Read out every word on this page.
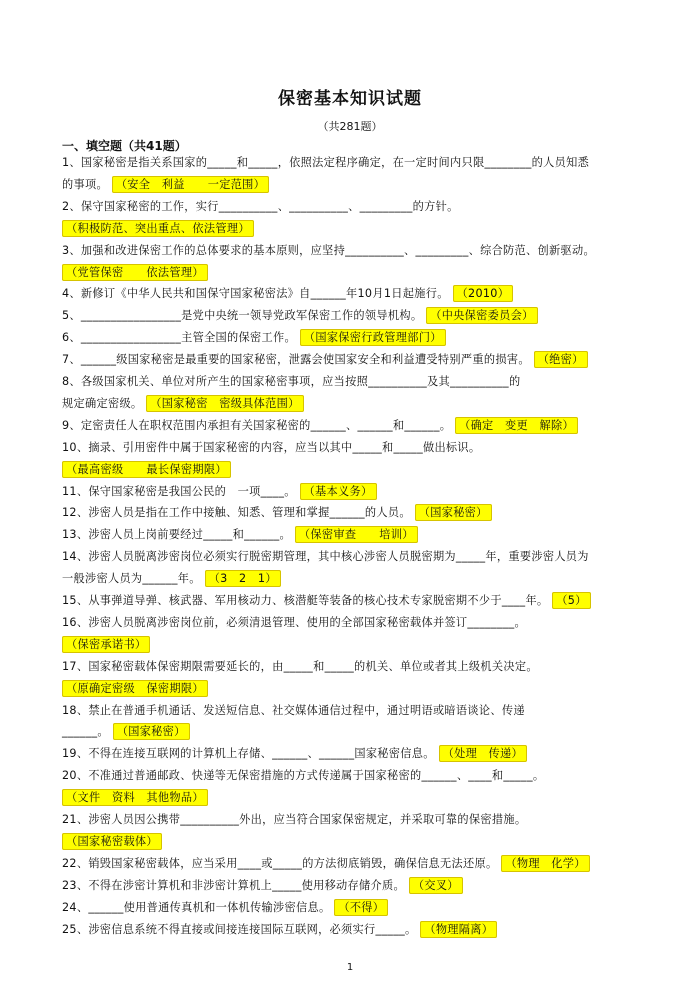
保密基本知识试题
（共281题）
一、填空题（共41题）
1、国家秘密是指关系国家的_____和_____，依照法定程序确定，在一定时间内只限________的人员知悉
的事项。 （安全　利益　　一定范围）
2、保守国家秘密的工作，实行__________、__________、_________的方针。
（积极防范、突出重点、依法管理）
3、加强和改进保密工作的总体要求的基本原则，应坚持__________、_________、综合防范、创新驱动。
（党管保密　　依法管理）
4、新修订《中华人民共和国保守国家秘密法》自______年10月1日起施行。 （2010）
5、_________________是党中央统一领导党政军保密工作的领导机构。 （中央保密委员会）
6、_________________主管全国的保密工作。 （国家保密行政管理部门）
7、______级国家秘密是最重要的国家秘密，泄露会使国家安全和利益遭受特别严重的损害。 （绝密）
8、各级国家机关、单位对所产生的国家秘密事项，应当按照__________及其__________的
规定确定密级。 （国家秘密　密级具体范围）
9、定密责任人在职权范围内承担有关国家秘密的______、______和______。 （确定　变更　解除）
10、摘录、引用密件中属于国家秘密的内容，应当以其中_____和_____做出标识。
（最高密级　　最长保密期限）
11、保守国家秘密是我国公民的　一项____。 （基本义务）
12、涉密人员是指在工作中接触、知悉、管理和掌握______的人员。 （国家秘密）
13、涉密人员上岗前要经过_____和______。 （保密审查　　培训）
14、涉密人员脱离涉密岗位必须实行脱密期管理，其中核心涉密人员脱密期为_____年，重要涉密人员为
一般涉密人员为______年。 （3　2　1）
15、从事弹道导弹、核武器、军用核动力、核潜艇等装备的核心技术专家脱密期不少于____年。 （5）
16、涉密人员脱离涉密岗位前，必须清退管理、使用的全部国家秘密载体并签订________。
（保密承诺书）
17、国家秘密载体保密期限需要延长的，由_____和_____的机关、单位或者其上级机关决定。
（原确定密级　保密期限）
18、禁止在普通手机通话、发送短信息、社交媒体通信过程中，通过明语或暗语谈论、传递
______。 （国家秘密）
19、不得在连接互联网的计算机上存储、______、______国家秘密信息。 （处理　传递）
20、不准通过普通邮政、快递等无保密措施的方式传递属于国家秘密的______、____和_____。
（文件　资料　其他物品）
21、涉密人员因公携带__________外出，应当符合国家保密规定，并采取可靠的保密措施。
（国家秘密载体）
22、销毁国家秘密载体，应当采用____或_____的方法彻底销毁，确保信息无法还原。 （物理　化学）
23、不得在涉密计算机和非涉密计算机上_____使用移动存储介质。 （交叉）
24、______使用普通传真机和一体机传输涉密信息。 （不得）
25、涉密信息系统不得直接或间接连接国际互联网，必须实行_____。 （物理隔离）
1
